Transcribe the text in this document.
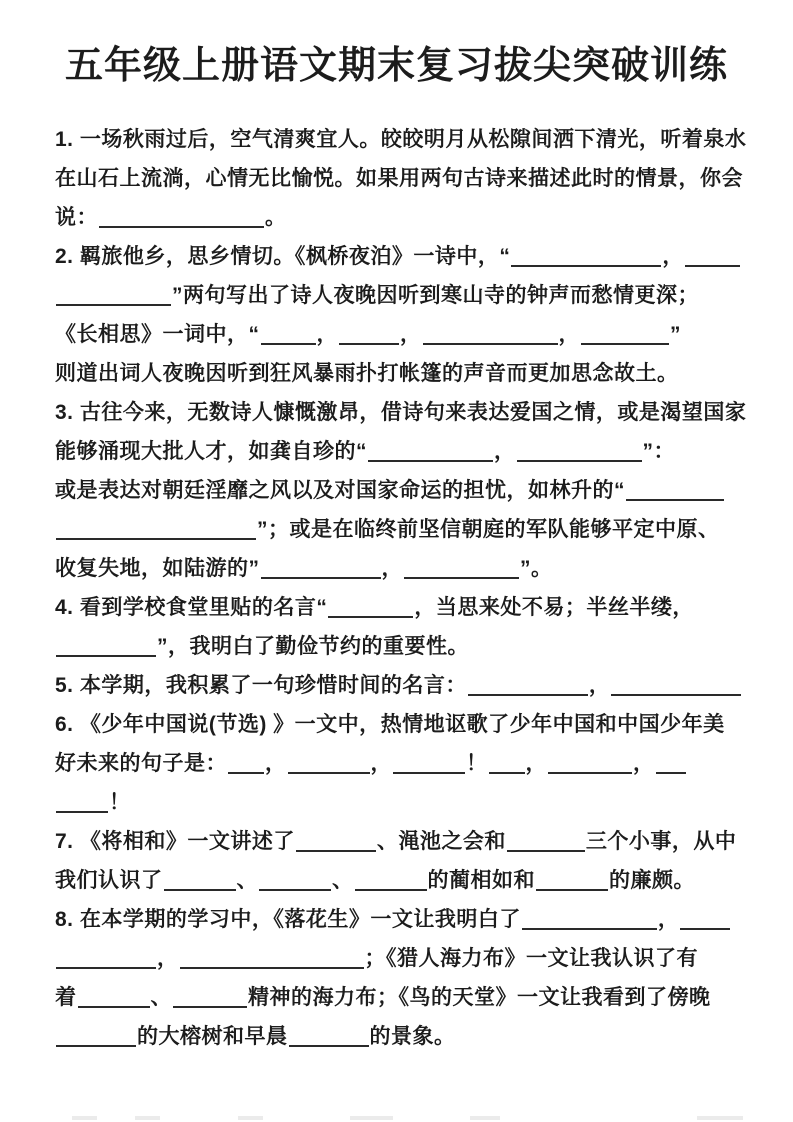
五年级上册语文期末复习拔尖突破训练
1. 一场秋雨过后，空气清爽宜人。皎皎明月从松隙间洒下清光，听着泉水
在山石上流淌，心情无比愉悦。如果用两句古诗来描述此时的情景，你会
说：	。
2. 羁旅他乡，思乡情切。《枫桥夜泊》一诗中，“	，
”两句写出了诗人夜晚因听到寒山寺的钟声而愁情更深；
《长相思》一词中，“	，	，	，	”
则道出词人夜晚因听到狂风暴雨扑打帐篷的声音而更加思念故土。
3. 古往今来，无数诗人慷慨激昂，借诗句来表达爱国之情，或是渴望国家
能够涌现大批人才，如龚自珍的“	，	”：
或是表达对朝廷淫靡之风以及对国家命运的担忧，如林升的“
”；或是在临终前坚信朝庭的军队能够平定中原、
收复失地，如陆游的”	，	”。
4. 看到学校食堂里贴的名言“	，当思来处不易；半丝半缕，
”，我明白了勤俭节约的重要性。
5. 本学期，我积累了一句珍惜时间的名言：	，
6. 《少年中国说(节选) 》一文中，热情地讴歌了少年中国和中国少年美
好未来的句子是： ，	，	！ ，	，
！
7. 《将相和》一文讲述了	、渑池之会和	三个小事，从中
我们认识了	、	、	的蔺相如和	的廉颇。
8. 在本学期的学习中，《落花生》一文让我明白了	，
，	；《猎人海力布》一文让我认识了有
着	、	精神的海力布；《鸟的天堂》一文让我看到了傍晚
的大榕树和早晨	的景象。
